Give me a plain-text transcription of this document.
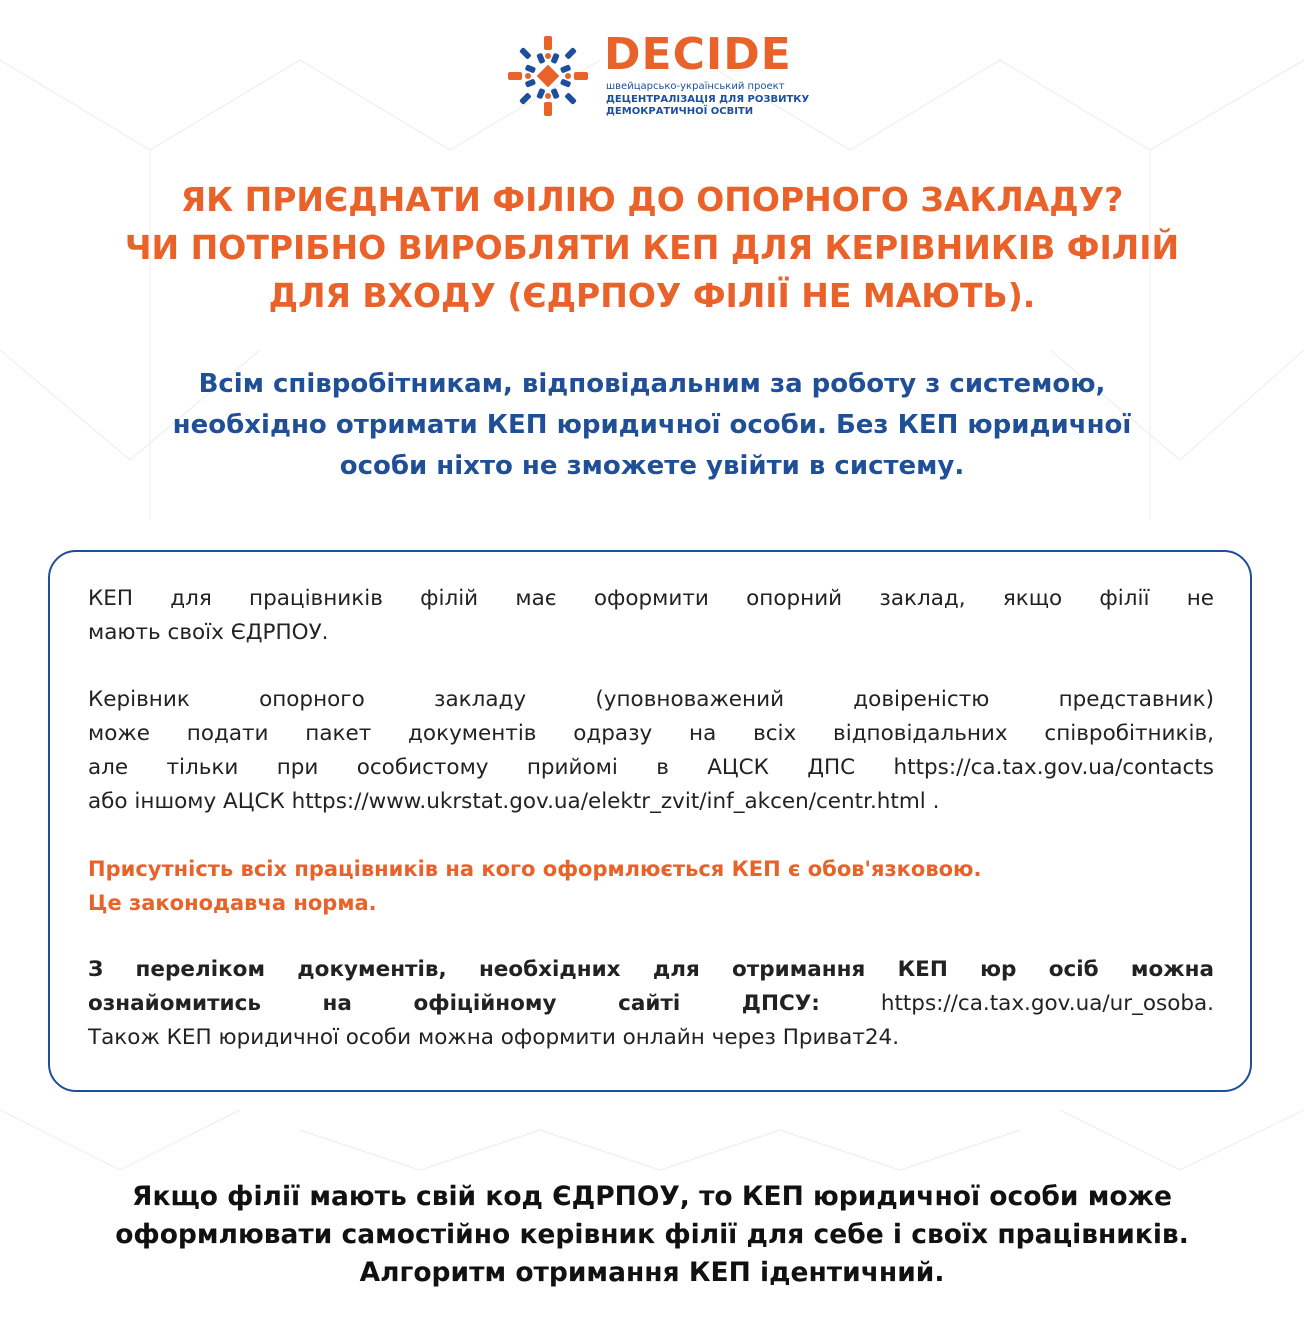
DECIDE
швейцарсько-український проект
ДЕЦЕНТРАЛІЗАЦІЯ ДЛЯ РОЗВИТКУ
ДЕМОКРАТИЧНОЇ ОСВІТИ
ЯК ПРИЄДНАТИ ФІЛІЮ ДО ОПОРНОГО ЗАКЛАДУ?
ЧИ ПОТРІБНО ВИРОБЛЯТИ КЕП ДЛЯ КЕРІВНИКІВ ФІЛІЙ
ДЛЯ ВХОДУ (ЄДРПОУ ФІЛІЇ НЕ МАЮТЬ).
Всім співробітникам, відповідальним за роботу з системою,
необхідно отримати КЕП юридичної особи. Без КЕП юридичної
особи ніхто не зможете увійти в систему.

КЕП для працівників філій має оформити опорний заклад, якщо філії не
мають своїх ЄДРПОУ.

Керівник опорного закладу (уповноважений довіреністю представник)
може подати пакет документів одразу на всіх відповідальних співробітників,
але тільки при особистому прийомі в АЦСК ДПС https://ca.tax.gov.ua/contacts
або іншому АЦСК https://www.ukrstat.gov.ua/elektr_zvit/inf_akcen/centr.html .

Присутність всіх працівників на кого оформлюється КЕП є обов'язковою.
Це законодавча норма.

З переліком документів, необхідних для отримання КЕП юр осіб можна
ознайомитись на офіційному сайті ДПСУ: https://ca.tax.gov.ua/ur_osoba.
Також КЕП юридичної особи можна оформити онлайн через Приват24.

Якщо філії мають свій код ЄДРПОУ, то КЕП юридичної особи може
оформлювати самостійно керівник філії для себе і своїх працівників.
Алгоритм отримання КЕП ідентичний.
